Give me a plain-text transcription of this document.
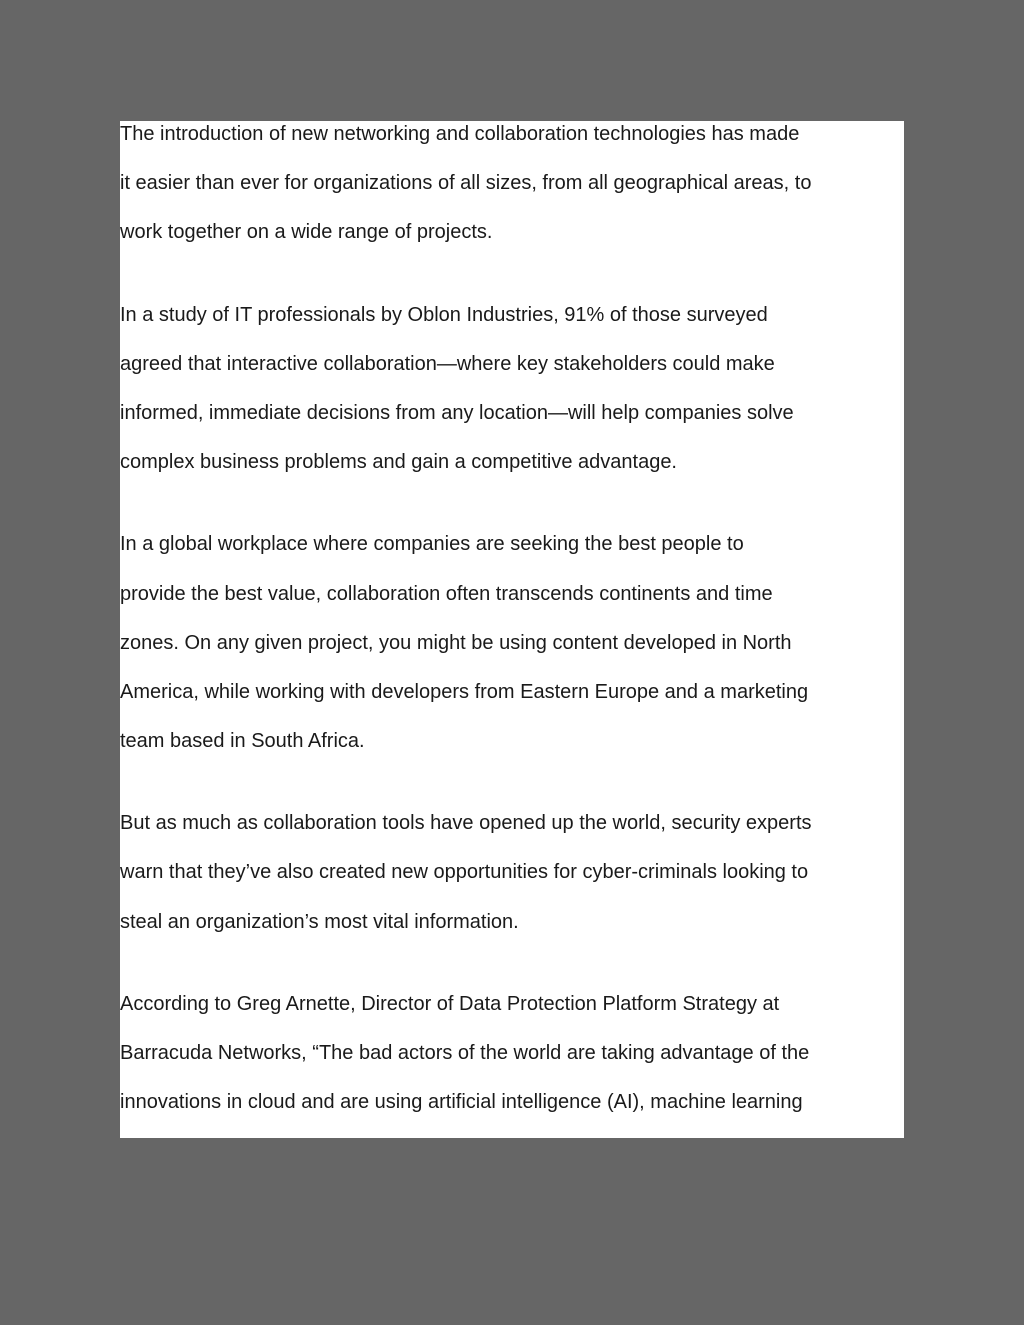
The introduction of new networking and collaboration technologies has made
it easier than ever for organizations of all sizes, from all geographical areas, to
work together on a wide range of projects.
In a study of IT professionals by Oblon Industries, 91% of those surveyed
agreed that interactive collaboration—where key stakeholders could make
informed, immediate decisions from any location—will help companies solve
complex business problems and gain a competitive advantage.
In a global workplace where companies are seeking the best people to
provide the best value, collaboration often transcends continents and time
zones. On any given project, you might be using content developed in North
America, while working with developers from Eastern Europe and a marketing
team based in South Africa.
But as much as collaboration tools have opened up the world, security experts
warn that they’ve also created new opportunities for cyber-criminals looking to
steal an organization’s most vital information.
According to Greg Arnette, Director of Data Protection Platform Strategy at
Barracuda Networks, “The bad actors of the world are taking advantage of the
innovations in cloud and are using artificial intelligence (AI), machine learning
